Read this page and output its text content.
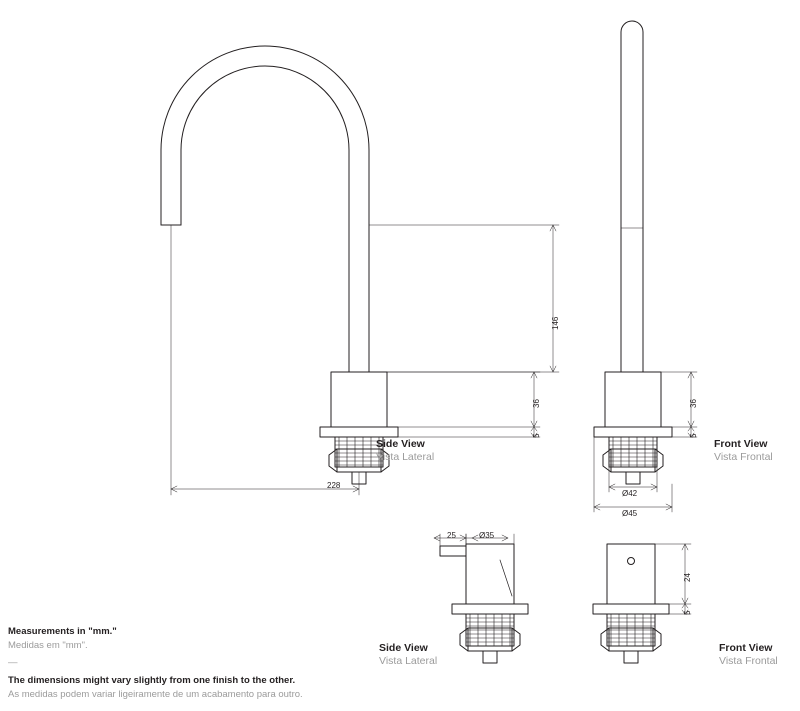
146
36
5
228
36
5
Ø42
Ø45
25	Ø35
24
5
Side View
Vista Lateral
Front View
Vista Frontal
Side View
Vista Lateral
Front View
Vista Frontal
Measurements in "mm."
Medidas em "mm".
—
The dimensions might vary slightly from one finish to the other.
As medidas podem variar ligeiramente de um acabamento para outro.
